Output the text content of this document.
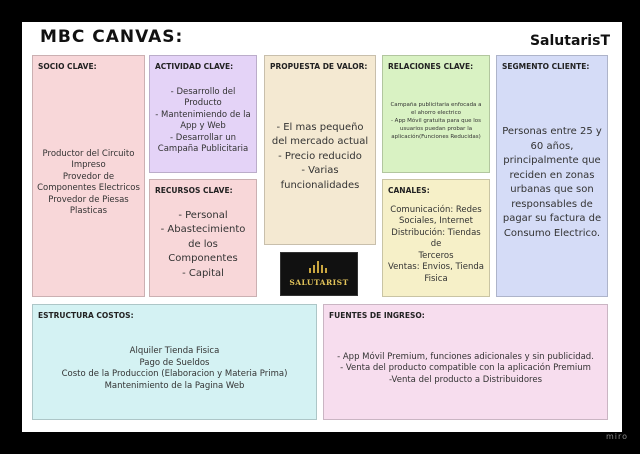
MBC CANVAS:	SalutarisT
SOCIO CLAVE:
Productor del Circuito
Impreso
Provedor de
Componentes Electricos
Provedor de Piesas
Plasticas
ACTIVIDAD CLAVE:
- Desarrollo del
Producto
- Mantenimiendo de la
App y Web
- Desarrollar un
Campaña Publicitaria
RECURSOS CLAVE:
- Personal
- Abastecimiento
de los
Componentes
- Capital
PROPUESTA DE VALOR:
- El mas pequeño
del mercado actual
- Precio reducido
- Varias
funcionalidades
SALUTARIST
RELACIONES CLAVE:
Campaña publicitaria enfocada a
el ahorro electrico
- App Móvil gratuita para que los
usuarios puedan probar la
aplicación(Funciones Reducidas)
CANALES:
Comunicación: Redes
Sociales, Internet
Distribución: Tiendas de
Terceros
Ventas: Envios, Tienda
Fisica
SEGMENTO CLIENTE:
Personas entre 25 y
60 años,
principalmente que
reciden en zonas
urbanas que son
responsables de
pagar su factura de
Consumo Electrico.
ESTRUCTURA COSTOS:
Alquiler Tienda Fisica
Pago de Sueldos
Costo de la Produccion (Elaboracion y Materia Prima)
Mantenimiento de la Pagina Web
FUENTES DE INGRESO:
- App Móvil Premium, funciones adicionales y sin publicidad.
- Venta del producto compatible con la aplicación Premium
-Venta del producto a Distribuidores
miro
